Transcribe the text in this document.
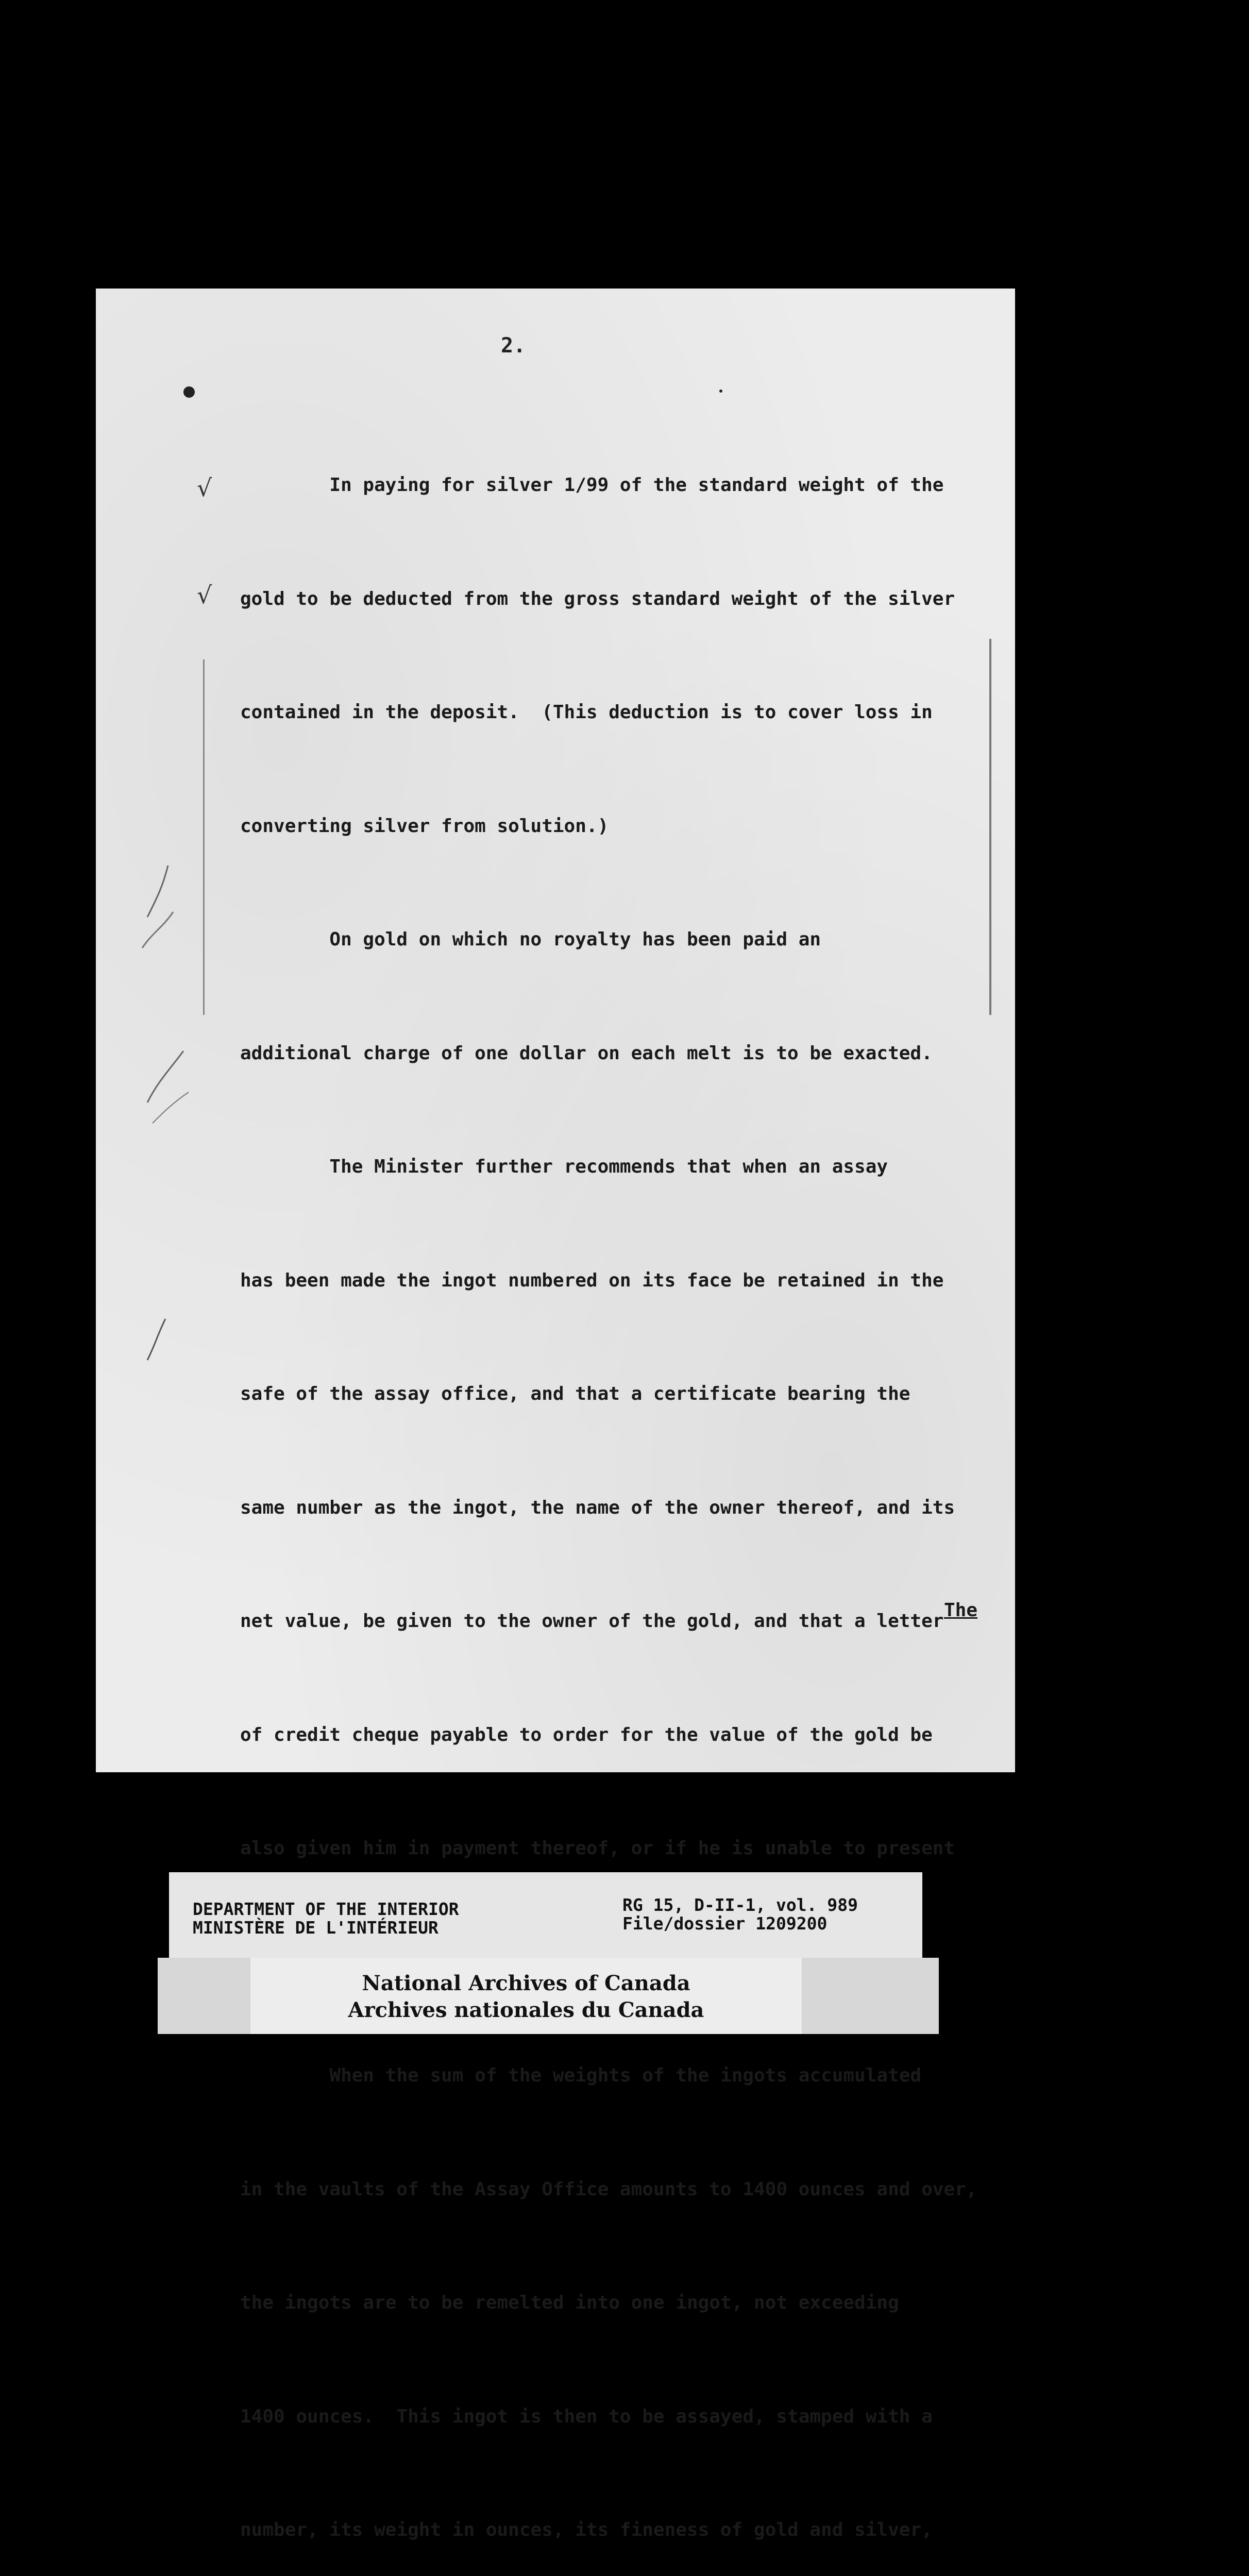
2.
√
√

In paying for silver 1/99 of the standard weight of the

gold to be deducted from the gross standard weight of the silver

contained in the deposit.  (This deduction is to cover loss in

converting silver from solution.)

On gold on which no royalty has been paid an

additional charge of one dollar on each melt is to be exacted.

The Minister further recommends that when an assay

has been made the ingot numbered on its face be retained in the

safe of the assay office, and that a certificate bearing the

same number as the ingot, the name of the owner thereof, and its

net value, be given to the owner of the gold, and that a letter

of credit cheque payable to order for the value of the gold be

also given him in payment thereof, or if he is unable to present

When the sum of the weights of the ingots accumulated

in the vaults of the Assay Office amounts to 1400 ounces and over,

the ingots are to be remelted into one ingot, not exceeding

1400 ounces.  This ingot is then to be assayed, stamped with a

number, its weight in ounces, its fineness of gold and silver,

The
DEPARTMENT OF THE INTERIOR
MINISTÈRE DE L'INTÉRIEUR
RG 15, D-II-1, vol. 989
File/dossier 1209200
National Archives of Canada
Archives nationales du Canada
